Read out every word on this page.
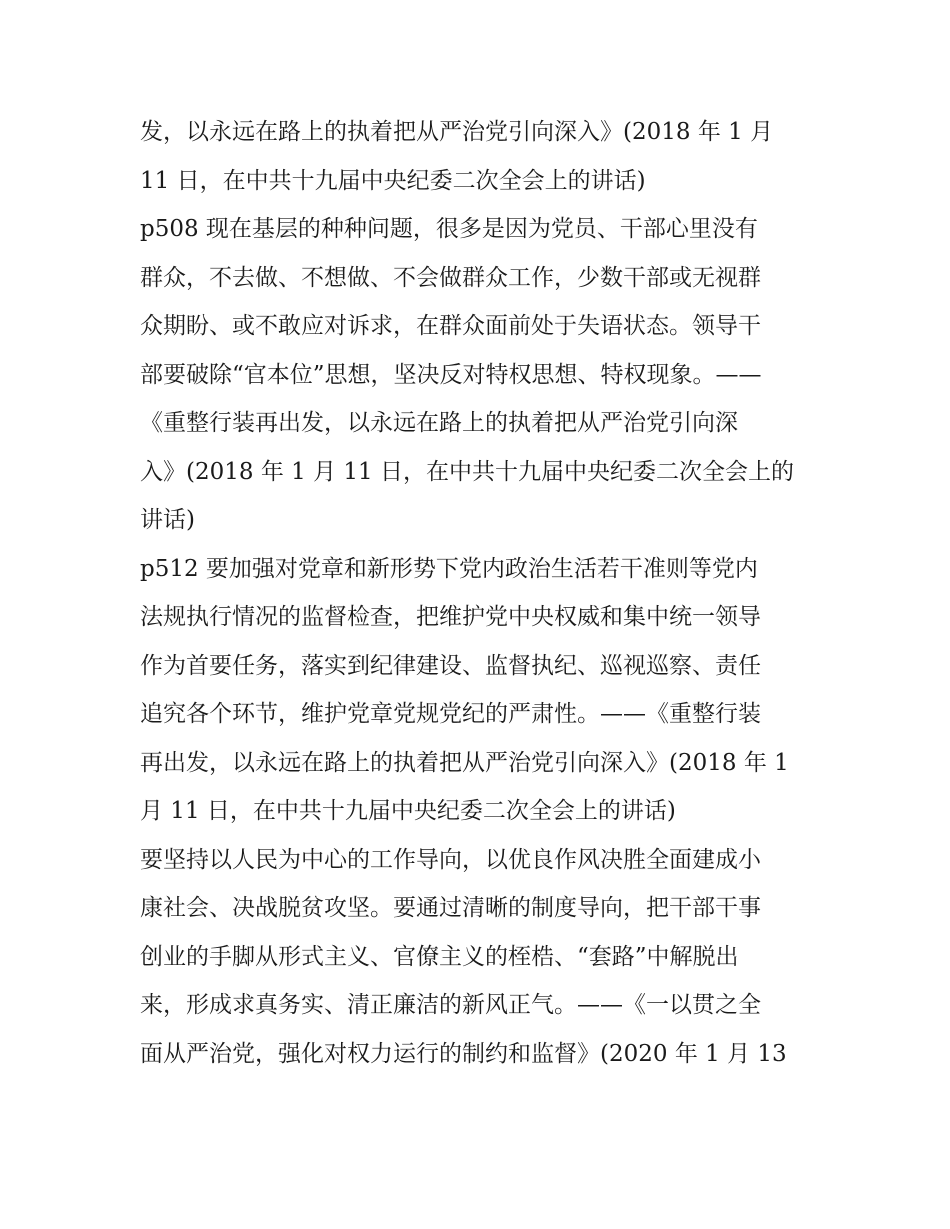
发，以永远在路上的执着把从严治党引向深入》(2018 年 1 月
11 日，在中共十九届中央纪委二次全会上的讲话)
p508 现在基层的种种问题，很多是因为党员、干部心里没有
群众，不去做、不想做、不会做群众工作，少数干部或无视群
众期盼、或不敢应对诉求，在群众面前处于失语状态。领导干
部要破除“官本位”思想，坚决反对特权思想、特权现象。——
《重整行装再出发，以永远在路上的执着把从严治党引向深
入》(2018 年 1 月 11 日，在中共十九届中央纪委二次全会上的
讲话)
p512 要加强对党章和新形势下党内政治生活若干准则等党内
法规执行情况的监督检查，把维护党中央权威和集中统一领导
作为首要任务，落实到纪律建设、监督执纪、巡视巡察、责任
追究各个环节，维护党章党规党纪的严肃性。——《重整行装
再出发，以永远在路上的执着把从严治党引向深入》(2018 年 1
月 11 日，在中共十九届中央纪委二次全会上的讲话)
要坚持以人民为中心的工作导向，以优良作风决胜全面建成小
康社会、决战脱贫攻坚。要通过清晰的制度导向，把干部干事
创业的手脚从形式主义、官僚主义的桎梏、“套路”中解脱出
来，形成求真务实、清正廉洁的新风正气。——《一以贯之全
面从严治党，强化对权力运行的制约和监督》(2020 年 1 月 13
